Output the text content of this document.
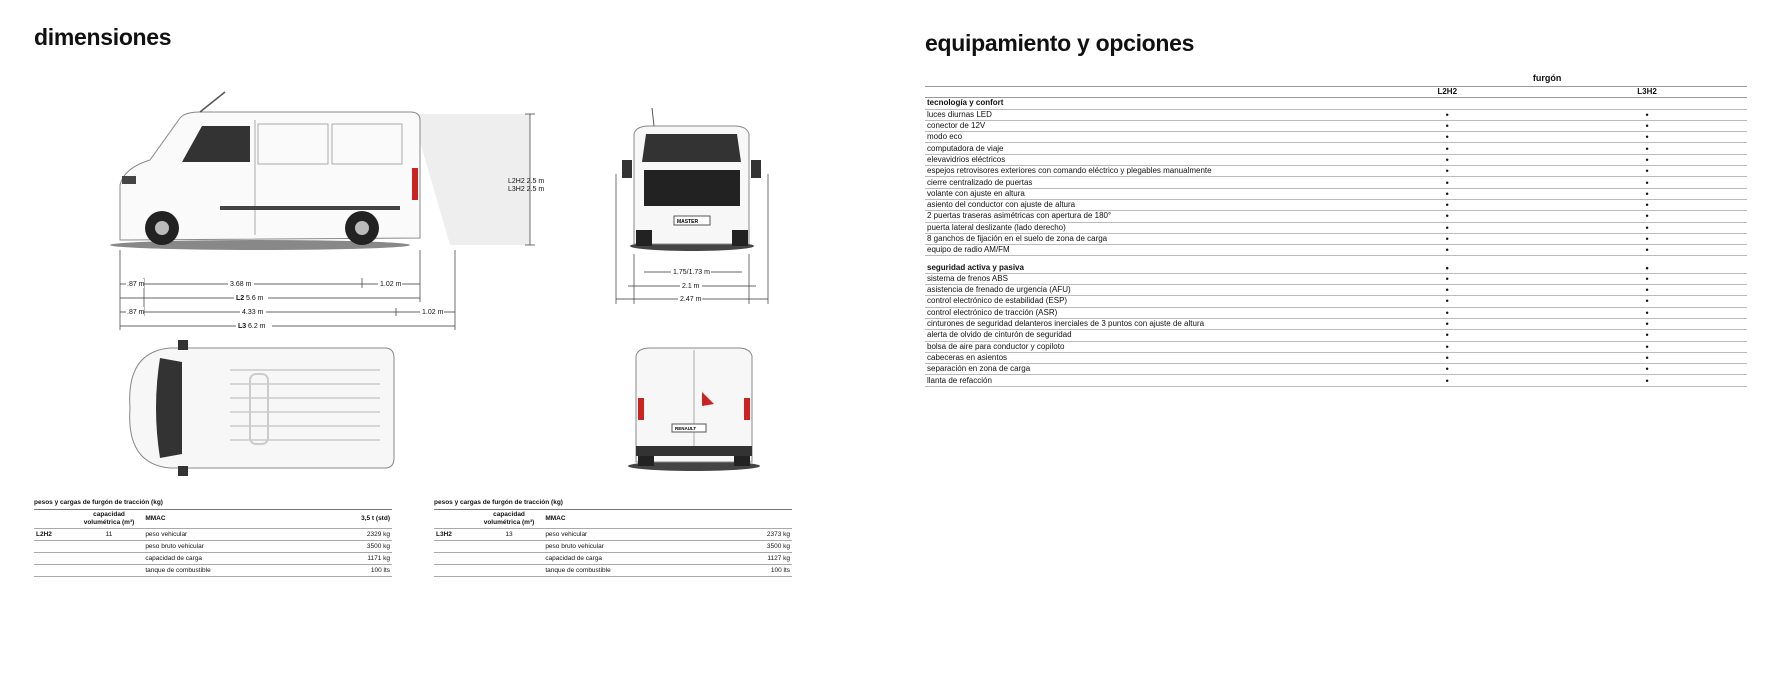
dimensiones	equipamiento y opciones
L2H2 2.5 m
L3H2 2.5 m
.87 m	3.68 m	1.02 m
L2 5.6 m
.87 m	4.33 m	1.02 m
L3 6.2 m
MASTER
1.75/1.73 m
2.1 m
2.47 m
RENAULT
pesos y cargas de furgón de tracción (kg)
	capacidad volumétrica (m³)	MMAC	3,5 t (std)
L2H2	11	peso vehicular	2329 kg
		peso bruto vehicular	3500 kg
		capacidad de carga	1171 kg
		tanque de combustible	100 lts
pesos y cargas de furgón de tracción (kg)
	capacidad volumétrica (m³)	MMAC	
L3H2	13	peso vehicular	2373 kg
		peso bruto vehicular	3500 kg
		capacidad de carga	1127 kg
		tanque de combustible	100 lts
	furgón	
	L2H2	L3H2
tecnología y confort		
luces diurnas LED	•	•
conector de 12V	•	•
modo eco	•	•
computadora de viaje	•	•
elevavidrios eléctricos	•	•
espejos retrovisores exteriores con comando eléctrico y plegables manualmente	•	•
cierre centralizado de puertas	•	•
volante con ajuste en altura	•	•
asiento del conductor con ajuste de altura	•	•
2 puertas traseras asimétricas con apertura de 180°	•	•
puerta lateral deslizante (lado derecho)	•	•
8 ganchos de fijación en el suelo de zona de carga	•	•
equipo de radio AM/FM	•	•

seguridad activa y pasiva	•	•
sistema de frenos ABS	•	•
asistencia de frenado de urgencia (AFU)	•	•
control electrónico de estabilidad (ESP)	•	•
control electrónico de tracción (ASR)	•	•
cinturones de seguridad delanteros inerciales de 3 puntos con ajuste de altura	•	•
alerta de olvido de cinturón de seguridad	•	•
bolsa de aire para conductor y copiloto	•	•
cabeceras en asientos	•	•
separación en zona de carga	•	•
llanta de refacción	•	•
